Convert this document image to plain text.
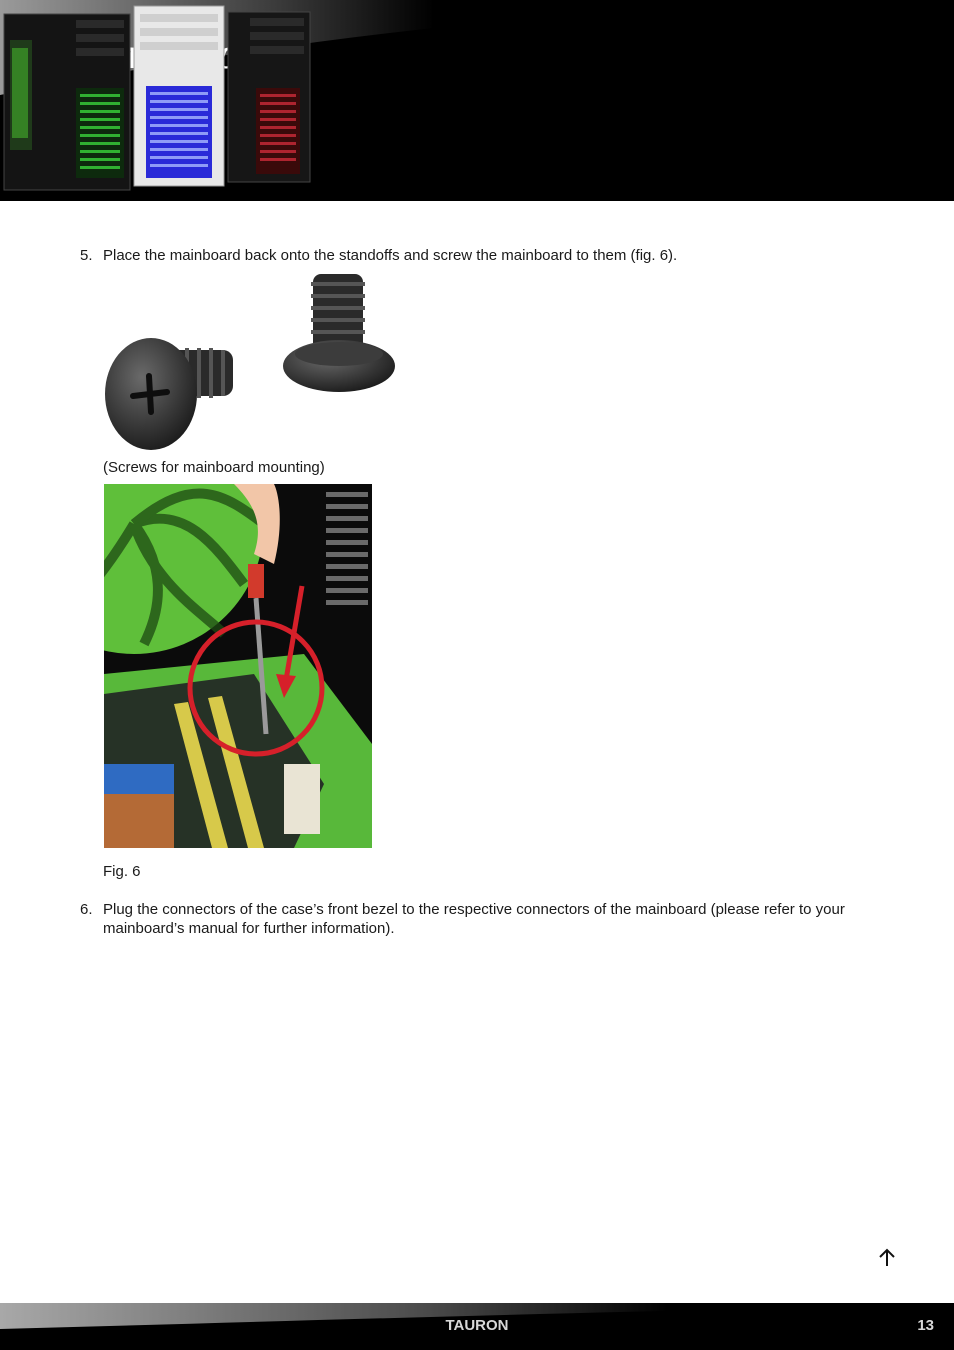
5. Place the mainboard back onto the standoffs and screw the mainboard to them (fig. 6).
(Screws for mainboard mounting)
Fig. 6
6. Plug the connectors of the case’s front bezel to the respective connectors of the mainboard (please refer to your mainboard’s manual for further information).
TAURON	13
